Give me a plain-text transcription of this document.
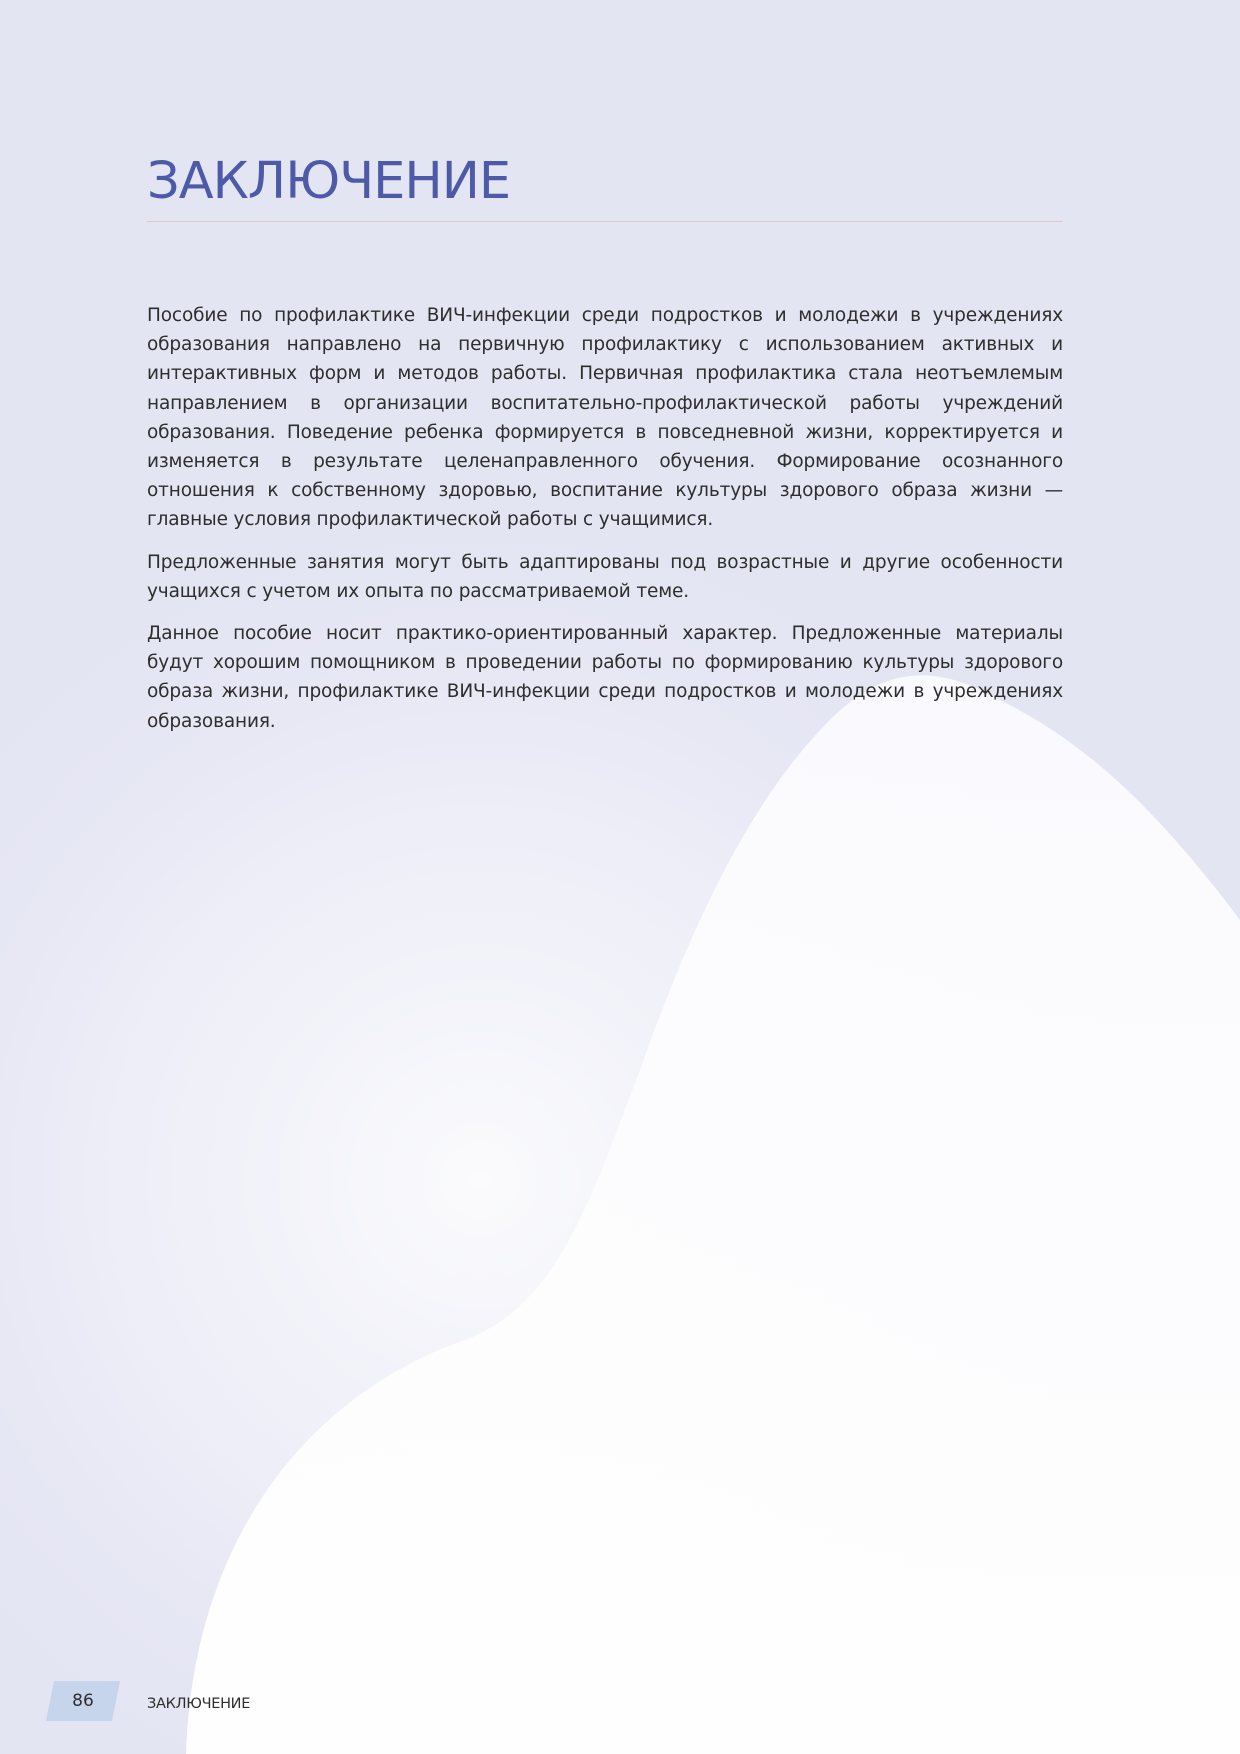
ЗАКЛЮЧЕНИЕ

Пособие по профилактике ВИЧ-инфекции среди подростков и молодежи в учреждениях образования направлено на первичную профилактику с использованием активных и интерактивных форм и методов работы. Первичная профилактика стала неотъемлемым направлением в организации воспитательно-профилактической работы учреждений образования. Поведение ребенка формируется в повседневной жизни, корректируется и изменяется в результате целенаправленного обучения. Формирование осознанного отношения к собственному здоровью, воспитание культуры здорового образа жизни — главные условия профилактической работы с учащимися.

Предложенные занятия могут быть адаптированы под возрастные и другие особенности учащихся с учетом их опыта по рассматриваемой теме.

Данное пособие носит практико-ориентированный характер. Предложенные материалы будут хорошим помощником в проведении работы по формированию культуры здорового образа жизни, профилактике ВИЧ-инфекции среди подростков и молодежи в учреждениях образования.

86	ЗАКЛЮЧЕНИЕ
